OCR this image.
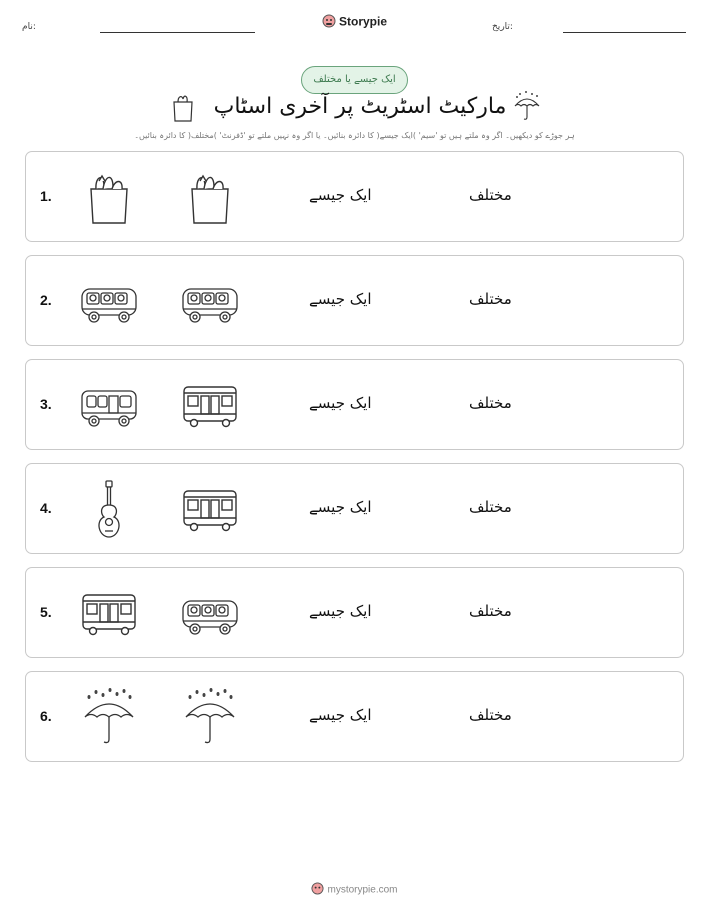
نام:	Storypie	تاریخ:
ایک جیسے یا مختلف
مارکیٹ اسٹریٹ پر آخری اسٹاپ
ہر جوڑے کو دیکھیں۔ اگر وہ ملتے ہیں تو 'سیم' )ایک جیسے( کا دائرہ بنائیں۔ یا اگر وہ نہیں ملتے تو 'ڈفرنٹ' )مختلف( کا دائرہ بنائیں۔
1.	ایک جیسے	مختلف
2.	ایک جیسے	مختلف
3.	ایک جیسے	مختلف
4.	ایک جیسے	مختلف
5.	ایک جیسے	مختلف
6.	ایک جیسے	مختلف
mystorypie.com
